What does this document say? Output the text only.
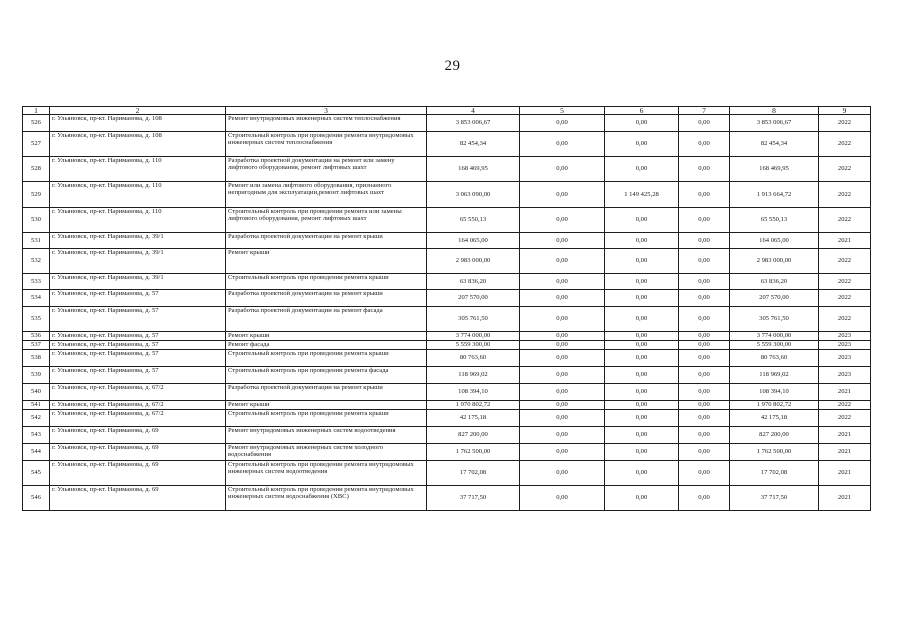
29
1	2	3	4	5	6	7	8	9
526	г. Ульяновск, пр-кт. Нариманова, д. 108	Ремонт внутридомовых инженерных систем теплоснабжения	3 853 006,67	0,00	0,00	0,00	3 853 006,67	2022
527	г. Ульяновск, пр-кт. Нариманова, д. 108	Строительный контроль при проведении ремонта внутридомовых инженерных систем теплоснабжения	82 454,34	0,00	0,00	0,00	82 454,34	2022
528	г. Ульяновск, пр-кт. Нариманова, д. 110	Разработка проектной документации на ремонт или замену лифтового оборудования, ремонт лифтовых шахт	168 469,95	0,00	0,00	0,00	168 469,95	2022
529	г. Ульяновск, пр-кт. Нариманова, д. 110	Ремонт или замена лифтового оборудования, признанного непригодным для эксплуатации,ремонт лифтовых шахт	3 063 090,00	0,00	1 149 425,28	0,00	1 913 664,72	2022
530	г. Ульяновск, пр-кт. Нариманова, д. 110	Строительный контроль при проведении ремонта или замены лифтового оборудования, ремонт лифтовых шахт	65 550,13	0,00	0,00	0,00	65 550,13	2022
531	г. Ульяновск, пр-кт. Нариманова, д. 39/1	Разработка проектной документации на ремонт крыши	164 065,00	0,00	0,00	0,00	164 065,00	2021
532	г. Ульяновск, пр-кт. Нариманова, д. 39/1	Ремонт крыши	2 983 000,00	0,00	0,00	0,00	2 983 000,00	2022
533	г. Ульяновск, пр-кт. Нариманова, д. 39/1	Строительный контроль при проведении ремонта крыши	63 836,20	0,00	0,00	0,00	63 836,20	2022
534	г. Ульяновск, пр-кт. Нариманова, д. 57	Разработка проектной документации на ремонт крыши	207 570,00	0,00	0,00	0,00	207 570,00	2022
535	г. Ульяновск, пр-кт. Нариманова, д. 57	Разработка проектной документации на ремонт фасада	305 761,50	0,00	0,00	0,00	305 761,50	2022
536	г. Ульяновск, пр-кт. Нариманова, д. 57	Ремонт крыши	3 774 000,00	0,00	0,00	0,00	3 774 000,00	2023
537	г. Ульяновск, пр-кт. Нариманова, д. 57	Ремонт фасада	5 559 300,00	0,00	0,00	0,00	5 559 300,00	2023
538	г. Ульяновск, пр-кт. Нариманова, д. 57	Строительный контроль при проведении ремонта крыши	80 763,60	0,00	0,00	0,00	80 763,60	2023
539	г. Ульяновск, пр-кт. Нариманова, д. 57	Строительный контроль при проведении ремонта фасада	118 969,02	0,00	0,00	0,00	118 969,02	2023
540	г. Ульяновск, пр-кт. Нариманова, д. 67/2	Разработка проектной документации на ремонт крыши	108 394,10	0,00	0,00	0,00	108 394,10	2021
541	г. Ульяновск, пр-кт. Нариманова, д. 67/2	Ремонт крыши	1 970 802,72	0,00	0,00	0,00	1 970 802,72	2022
542	г. Ульяновск, пр-кт. Нариманова, д. 67/2	Строительный контроль при проведении ремонта крыши	42 175,18	0,00	0,00	0,00	42 175,18	2022
543	г. Ульяновск, пр-кт. Нариманова, д. 69	Ремонт внутридомовых инженерных систем водоотведения	827 200,00	0,00	0,00	0,00	827 200,00	2021
544	г. Ульяновск, пр-кт. Нариманова, д. 69	Ремонт внутридомовых инженерных систем холодного водоснабжения	1 762 500,00	0,00	0,00	0,00	1 762 500,00	2021
545	г. Ульяновск, пр-кт. Нариманова, д. 69	Строительный контроль при проведении ремонта внутридомовых инженерных систем водоотведения	17 702,08	0,00	0,00	0,00	17 702,08	2021
546	г. Ульяновск, пр-кт. Нариманова, д. 69	Строительный контроль при проведении ремонта внутридомовых инженерных систем водоснабжения (ХВС)	37 717,50	0,00	0,00	0,00	37 717,50	2021
